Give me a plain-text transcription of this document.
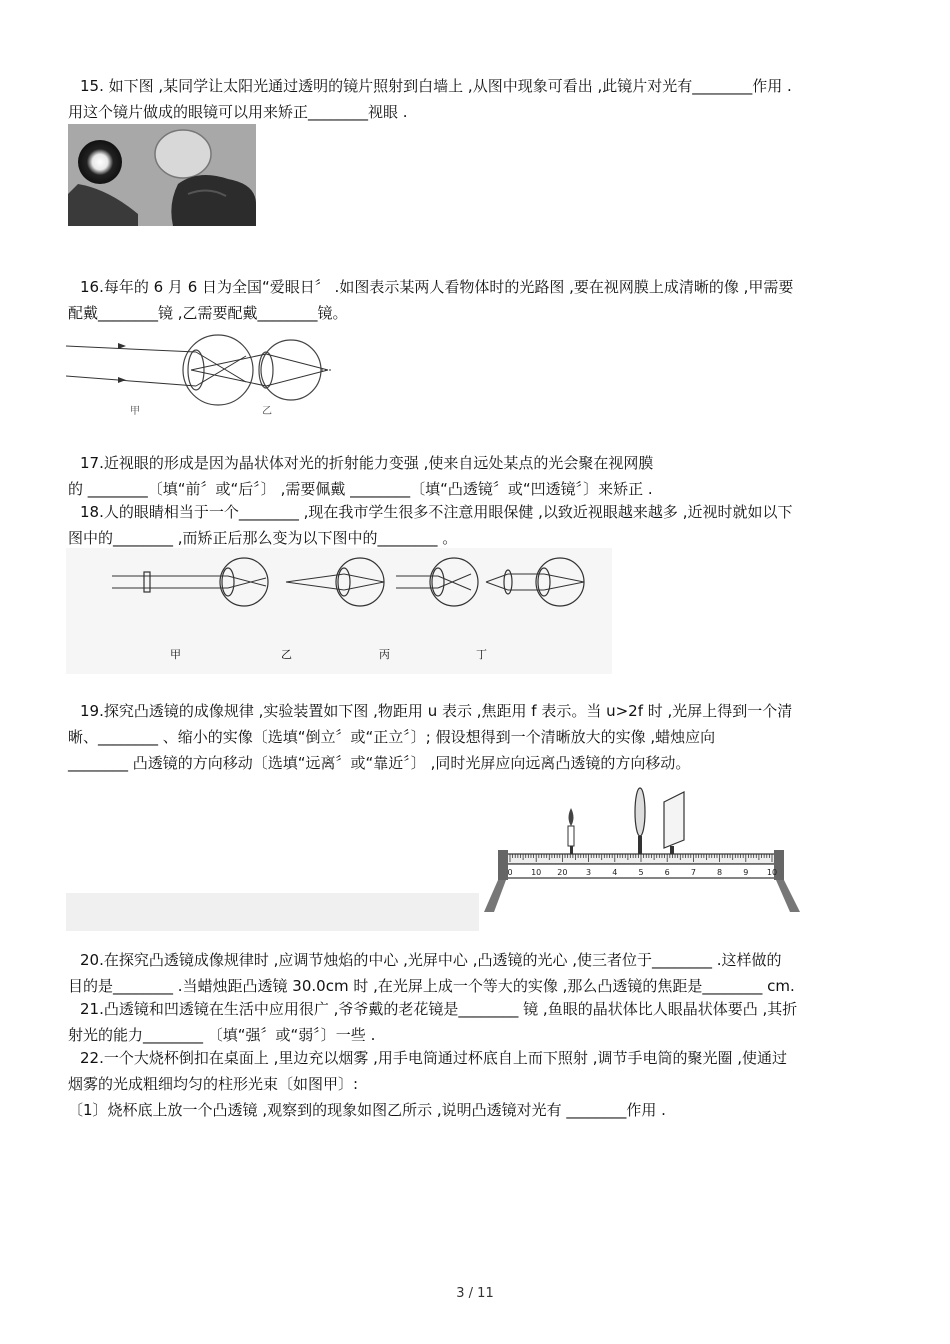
15. 如下图 ,某同学让太阳光通过透明的镜片照射到白墙上 ,从图中现象可看出 ,此镜片对光有________作用 .
用这个镜片做成的眼镜可以用来矫正________视眼 .
16.每年的 6 月 6 日为全国“爱眼日〞 .如图表示某两人看物体时的光路图 ,要在视网膜上成清晰的像 ,甲需要
配戴________镜 ,乙需要配戴________镜。
甲	乙
17.近视眼的形成是因为晶状体对光的折射能力变强 ,使来自远处某点的光会聚在视网膜
的 ________〔填“前〞或“后〞〕 ,需要佩戴 ________〔填“凸透镜〞或“凹透镜〞〕来矫正 .
18.人的眼睛相当于一个________ ,现在我市学生很多不注意用眼保健 ,以致近视眼越来越多 ,近视时就如以下
图中的________ ,而矫正后那么变为以下图中的________ 。
甲	乙	丙	丁
19.探究凸透镜的成像规律 ,实验装置如下图 ,物距用 u 表示 ,焦距用 f 表示。当 u>2f 时 ,光屏上得到一个清
晰、________ 、缩小的实像〔选填“倒立〞或“正立〞〕; 假设想得到一个清晰放大的实像 ,蜡烛应向
________ 凸透镜的方向移动〔选填“远离〞或“靠近〞〕 ,同时光屏应向远离凸透镜的方向移动。
0 10 20 3	4	5	6	7	8	9 10
20.在探究凸透镜成像规律时 ,应调节烛焰的中心 ,光屏中心 ,凸透镜的光心 ,使三者位于________ .这样做的
目的是________ .当蜡烛距凸透镜 30.0cm 时 ,在光屏上成一个等大的实像 ,那么凸透镜的焦距是________ cm.
21.凸透镜和凹透镜在生活中应用很广 ,爷爷戴的老花镜是________ 镜 ,鱼眼的晶状体比人眼晶状体要凸 ,其折
射光的能力________ 〔填“强〞或“弱〞〕一些 .
22.一个大烧杯倒扣在桌面上 ,里边充以烟雾 ,用手电筒通过杯底自上而下照射 ,调节手电筒的聚光圈 ,使通过
烟雾的光成粗细均匀的柱形光束〔如图甲〕:
〔1〕烧杯底上放一个凸透镜 ,观察到的现象如图乙所示 ,说明凸透镜对光有 ________作用 .
3 / 11
